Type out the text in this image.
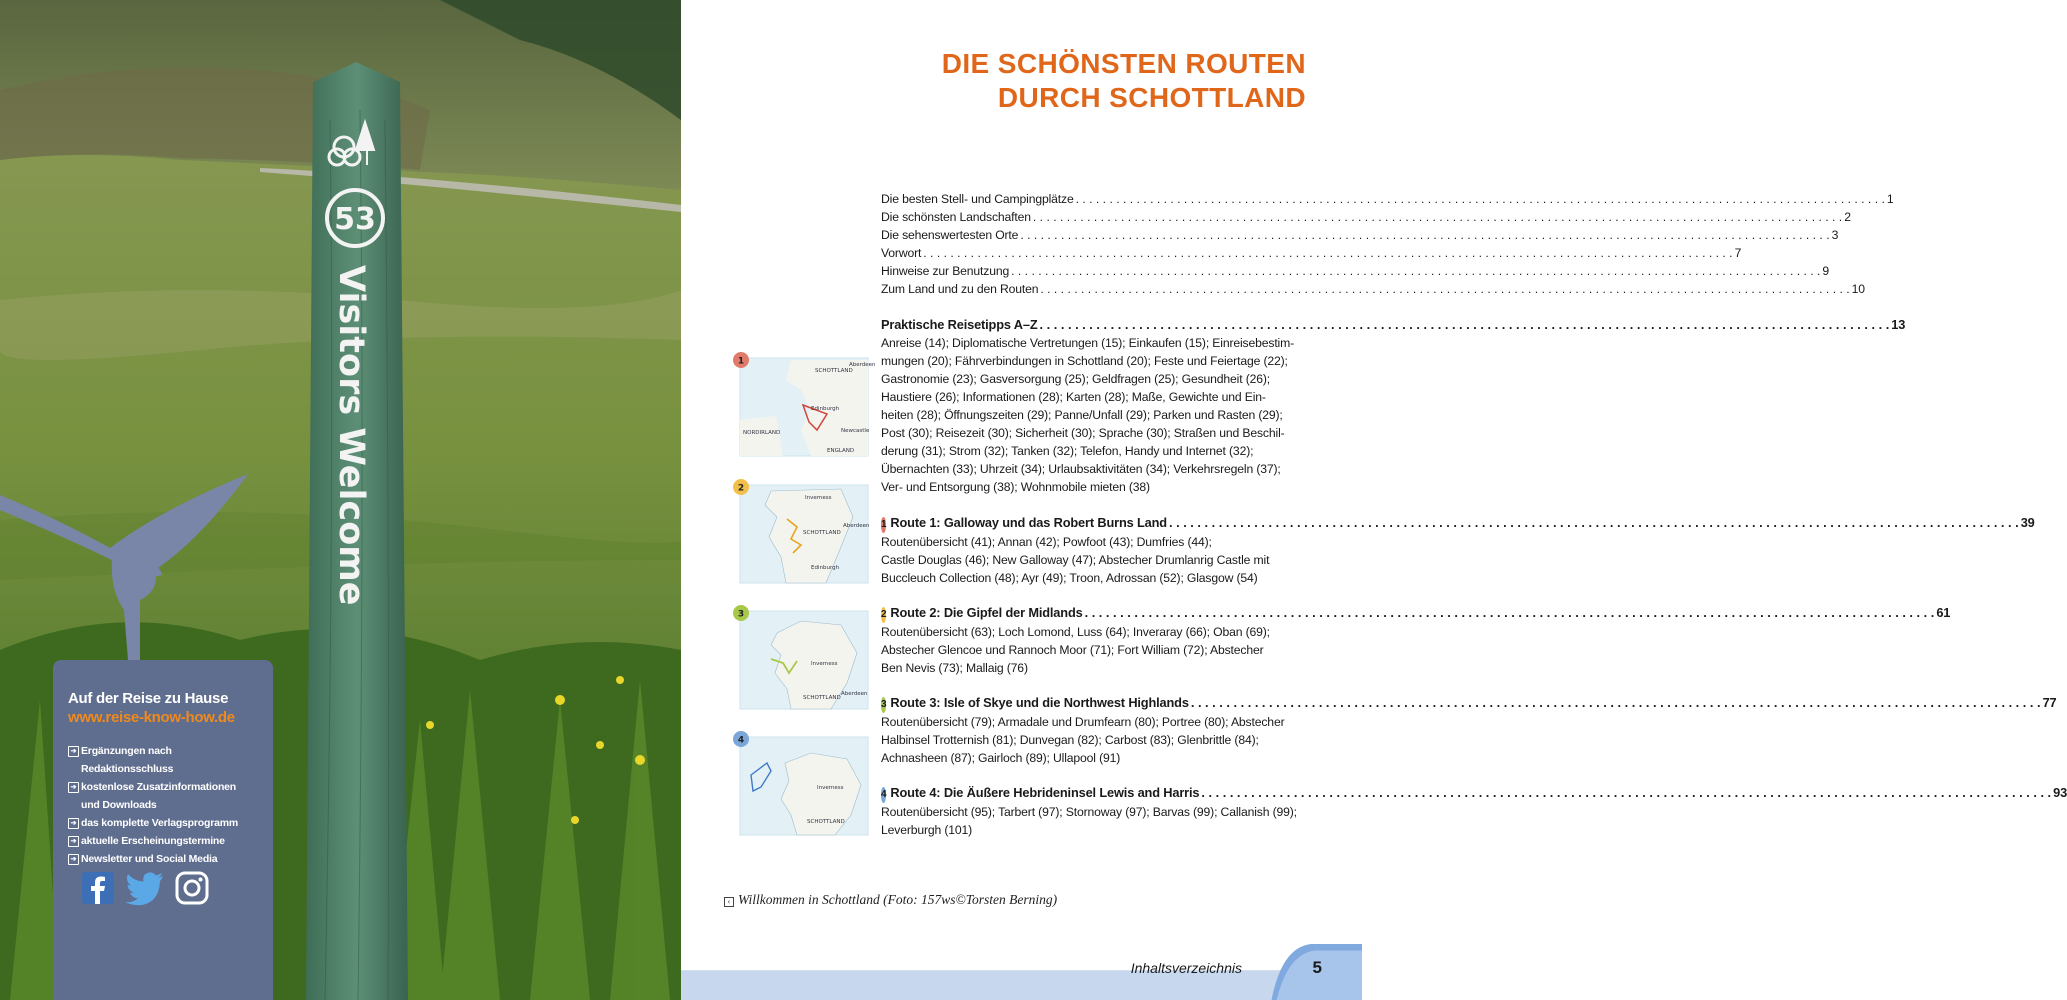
53
Visitors Welcome
Auf der Reise zu Hause
www.reise-know-how.de
➔ Ergänzungen nach Redaktionsschluss
➔ kostenlose Zusatzinformationen
und Downloads
➔ das komplette Verlagsprogramm
➔ aktuelle Erscheinungstermine
➔ Newsletter und Social Media
DIE SCHÖNSTEN ROUTEN
DURCH SCHOTTLAND
Die besten Stell- und Campingplätze . . .	1
Die schönsten Landschaften . . .	2
Die sehenswertesten Orte . . .	3
Vorwort . . .	7
Hinweise zur Benutzung . . .	9
Zum Land und zu den Routen . . .	10
Praktische Reisetipps A–Z . . .	13
Anreise (14); Diplomatische Vertretungen (15); Einkaufen (15); Einreisebestim-
mungen (20); Fährverbindungen in Schottland (20); Feste und Feiertage (22);
Gastronomie (23); Gasversorgung (25); Geldfragen (25); Gesundheit (26);
Haustiere (26); Informationen (28); Karten (28); Maße, Gewichte und Ein-
heiten (28); Öffnungszeiten (29); Panne/Unfall (29); Parken und Rasten (29);
Post (30); Reisezeit (30); Sicherheit (30); Sprache (30); Straßen und Beschil-
derung (31); Strom (32); Tanken (32); Telefon, Handy und Internet (32);
Übernachten (33); Uhrzeit (34); Urlaubsaktivitäten (34); Verkehrsregeln (37);
Ver- und Entsorgung (38); Wohnmobile mieten (38)
1 Route 1: Galloway und das Robert Burns Land . . .	39
Routenübersicht (41); Annan (42); Powfoot (43); Dumfries (44);
Castle Douglas (46); New Galloway (47); Abstecher Drumlanrig Castle mit
Buccleuch Collection (48); Ayr (49); Troon, Adrossan (52); Glasgow (54)
2 Route 2: Die Gipfel der Midlands . . .	61
Routenübersicht (63); Loch Lomond, Luss (64); Inveraray (66); Oban (69);
Abstecher Glencoe und Rannoch Moor (71); Fort William (72); Abstecher
Ben Nevis (73); Mallaig (76)
3 Route 3: Isle of Skye und die Northwest Highlands . . .	77
Routenübersicht (79); Armadale und Drumfearn (80); Portree (80); Abstecher
Halbinsel Trotternish (81); Dunvegan (82); Carbost (83); Glenbrittle (84);
Achnasheen (87); Gairloch (89); Ullapool (91)
4 Route 4: Die Äußere Hebrideninsel Lewis and Harris . . .	93
Routenübersicht (95); Tarbert (97); Stornoway (97); Barvas (99); Callanish (99);
Leverburgh (101)
SCHOTTLAND
Aberdeen
Edinburgh
NORDIRLAND	Newcastle
ENGLAND
1
Inverness
SCHOTTLAND
Aberdeen
Edinburgh
2
Inverness
SCHOTTLAND
Aberdeen
3
Inverness
SCHOTTLAND
4
‹ Willkommen in Schottland (Foto: 157ws©Torsten Berning)
Inhaltsverzeichnis	5
